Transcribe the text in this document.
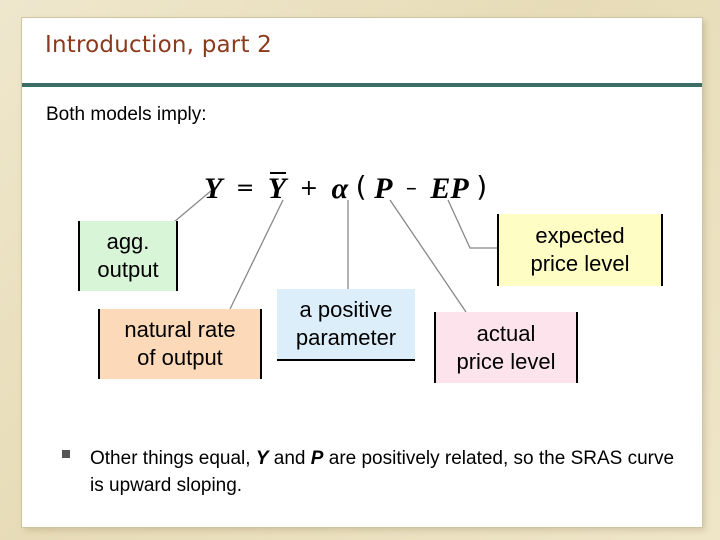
Introduction, part 2
Both models imply:
Y = Y + α ( P – EP )
agg.
output
expected
price level
natural rate
of output
a positive
parameter	actual
price level
Other things equal, Y and P are positively related, so the SRAS curve is upward sloping.
